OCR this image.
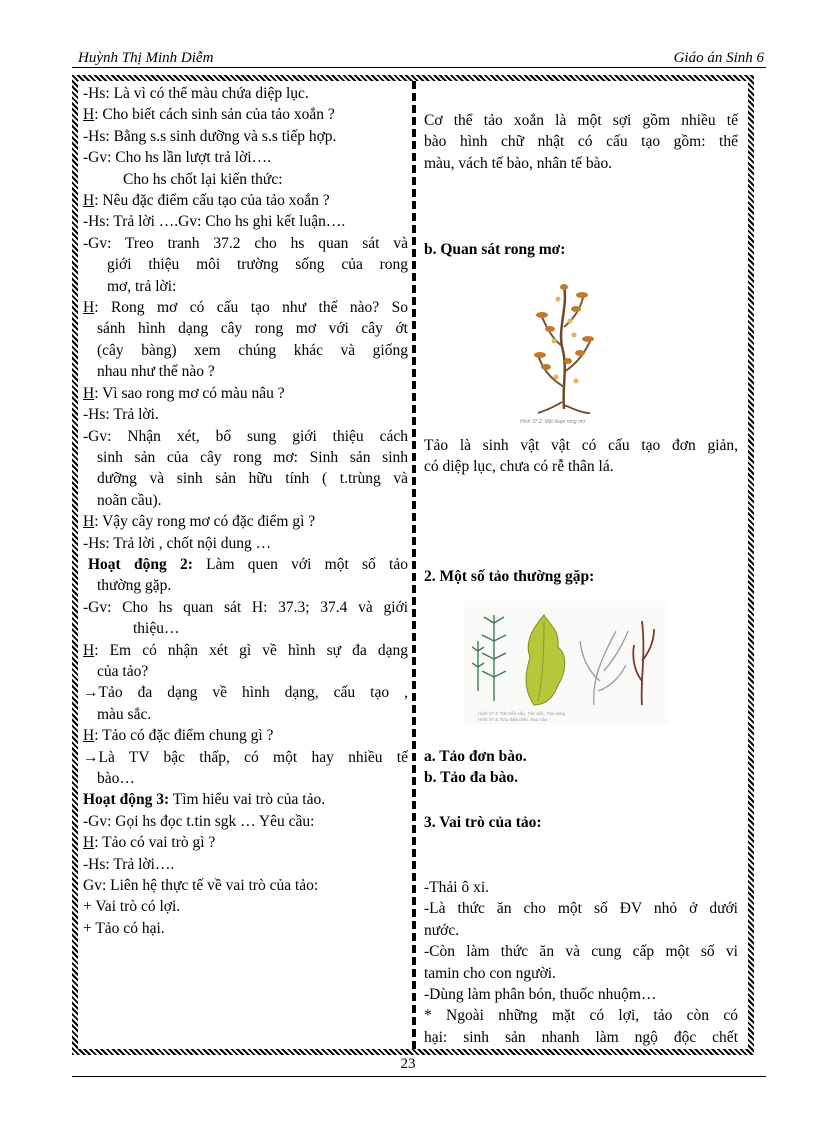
Huỳnh Thị Minh Diễm	Giáo án Sinh 6
-Hs: Là vì có thể màu chứa diệp lục.
H: Cho biết cách sinh sản của tảo xoắn ?
-Hs: Bằng s.s sinh dưỡng và s.s tiếp hợp.
-Gv: Cho hs lần lượt trả lời….
Cho hs chốt lại kiến thức:
H: Nêu đặc điểm cấu tạo của tảo xoắn ?
-Hs: Trả lời ….Gv: Cho hs ghi kết luận….
-Gv: Treo tranh 37.2 cho hs quan sát và
giới thiệu môi trường sống của rong
mơ, trả lời:
H: Rong mơ có cấu tạo như thế nào? So
sánh hình dạng cây rong mơ với cây ớt
(cây bàng) xem chúng khác và giống
nhau như thế nào ?
H: Vì sao rong mơ có màu nâu ?
-Hs: Trả lời.
-Gv: Nhận xét, bổ sung giới thiệu cách
sinh sản của cây rong mơ: Sinh sản sinh
dưỡng và sinh sản hữu tính ( t.trùng và
noãn cầu).
H: Vậy cây rong mơ có đặc điểm gì ?
-Hs: Trả lời , chốt nội dung …
Hoạt động 2: Làm quen với một số tảo
thường gặp.
-Gv: Cho hs quan sát H: 37.3; 37.4 và giới
thiệu…
H: Em có nhận xét gì về hình sự đa dạng
của tảo?
→Tảo đa dạng về hình dạng, cấu tạo ,
màu sắc.
H: Tảo có đặc điểm chung gì ?
→Là TV bậc thấp, có một hay nhiều tế
bào…
Hoạt động 3: Tìm hiểu vai trò của tảo.
-Gv: Gọi hs đọc t.tin sgk … Yêu cầu:
H: Tảo có vai trò gì ?
-Hs: Trả lời….
Gv: Liên hệ thực tế về vai trò của tảo:
+ Vai trò có lợi.
+ Tảo có hại.
Cơ thể tảo xoắn là một sợi gồm nhiều tế
bào hình chữ nhật có cấu tạo gồm: thể
màu, vách tế bào, nhân tế bào.
b. Quan sát rong mơ:
Hình 37.2: Một đoạn rong mơ
Tảo là sinh vật vật có cấu tạo đơn giản,
có diệp lục, chưa có rễ thân lá.
2. Một số tảo thường gặp:
Hình 37.3: Tảo tiểu cầu, Tảo silic, Tảo vòng
Hình 37.4: Rau diếp biển, Rau câu
a. Tảo đơn bào.
b. Tảo đa bào.
3. Vai trò của tảo:
-Thải ô xi.
-Là thức ăn cho một số ĐV nhỏ ở dưới
nước.
-Còn làm thức ăn và cung cấp một số vi
tamin cho con người.
-Dùng làm phân bón, thuốc nhuộm…
* Ngoài những mặt có lợi, tảo còn có
hại: sinh sản nhanh làm ngộ độc chết
23
